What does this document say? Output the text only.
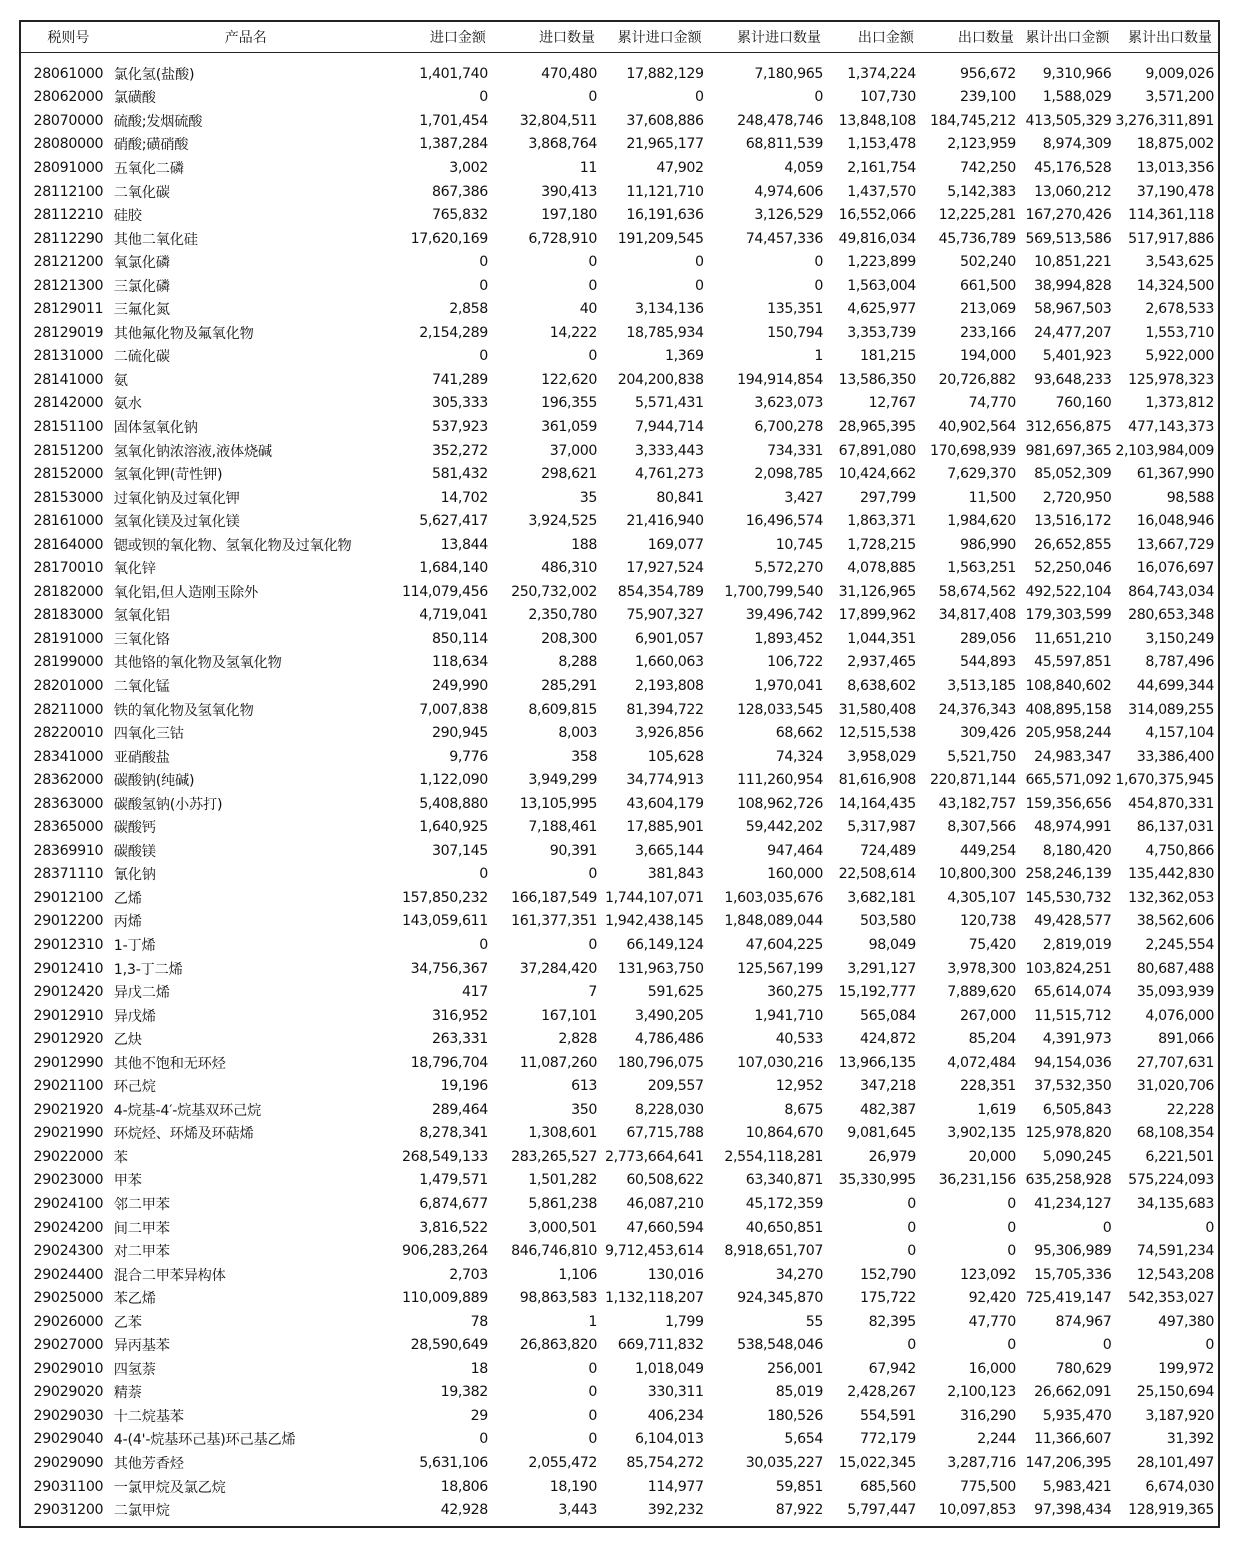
税则号	产品名	进口金额	进口数量	累计进口金额	累计进口数量	出口金额	出口数量	累计出口金额	累计出口数量

28061000	氯化氢(盐酸)	1,401,740	470,480	17,882,129	7,180,965	1,374,224	956,672	9,310,966	9,009,026
28062000	氯磺酸	0	0	0	0	107,730	239,100	1,588,029	3,571,200
28070000	硫酸;发烟硫酸	1,701,454	32,804,511	37,608,886	248,478,746	13,848,108	184,745,212	413,505,329	3,276,311,891
28080000	硝酸;磺硝酸	1,387,284	3,868,764	21,965,177	68,811,539	1,153,478	2,123,959	8,974,309	18,875,002
28091000	五氧化二磷	3,002	11	47,902	4,059	2,161,754	742,250	45,176,528	13,013,356
28112100	二氧化碳	867,386	390,413	11,121,710	4,974,606	1,437,570	5,142,383	13,060,212	37,190,478
28112210	硅胶	765,832	197,180	16,191,636	3,126,529	16,552,066	12,225,281	167,270,426	114,361,118
28112290	其他二氧化硅	17,620,169	6,728,910	191,209,545	74,457,336	49,816,034	45,736,789	569,513,586	517,917,886
28121200	氧氯化磷	0	0	0	0	1,223,899	502,240	10,851,221	3,543,625
28121300	三氯化磷	0	0	0	0	1,563,004	661,500	38,994,828	14,324,500
28129011	三氟化氮	2,858	40	3,134,136	135,351	4,625,977	213,069	58,967,503	2,678,533
28129019	其他氟化物及氟氧化物	2,154,289	14,222	18,785,934	150,794	3,353,739	233,166	24,477,207	1,553,710
28131000	二硫化碳	0	0	1,369	1	181,215	194,000	5,401,923	5,922,000
28141000	氨	741,289	122,620	204,200,838	194,914,854	13,586,350	20,726,882	93,648,233	125,978,323
28142000	氨水	305,333	196,355	5,571,431	3,623,073	12,767	74,770	760,160	1,373,812
28151100	固体氢氧化钠	537,923	361,059	7,944,714	6,700,278	28,965,395	40,902,564	312,656,875	477,143,373
28151200	氢氧化钠浓溶液,液体烧碱	352,272	37,000	3,333,443	734,331	67,891,080	170,698,939	981,697,365	2,103,984,009
28152000	氢氧化钾(苛性钾)	581,432	298,621	4,761,273	2,098,785	10,424,662	7,629,370	85,052,309	61,367,990
28153000	过氧化钠及过氧化钾	14,702	35	80,841	3,427	297,799	11,500	2,720,950	98,588
28161000	氢氧化镁及过氧化镁	5,627,417	3,924,525	21,416,940	16,496,574	1,863,371	1,984,620	13,516,172	16,048,946
28164000	锶或钡的氧化物、氢氧化物及过氧化物	13,844	188	169,077	10,745	1,728,215	986,990	26,652,855	13,667,729
28170010	氧化锌	1,684,140	486,310	17,927,524	5,572,270	4,078,885	1,563,251	52,250,046	16,076,697
28182000	氧化铝,但人造刚玉除外	114,079,456	250,732,002	854,354,789	1,700,799,540	31,126,965	58,674,562	492,522,104	864,743,034
28183000	氢氧化铝	4,719,041	2,350,780	75,907,327	39,496,742	17,899,962	34,817,408	179,303,599	280,653,348
28191000	三氧化铬	850,114	208,300	6,901,057	1,893,452	1,044,351	289,056	11,651,210	3,150,249
28199000	其他铬的氧化物及氢氧化物	118,634	8,288	1,660,063	106,722	2,937,465	544,893	45,597,851	8,787,496
28201000	二氧化锰	249,990	285,291	2,193,808	1,970,041	8,638,602	3,513,185	108,840,602	44,699,344
28211000	铁的氧化物及氢氧化物	7,007,838	8,609,815	81,394,722	128,033,545	31,580,408	24,376,343	408,895,158	314,089,255
28220010	四氧化三钴	290,945	8,003	3,926,856	68,662	12,515,538	309,426	205,958,244	4,157,104
28341000	亚硝酸盐	9,776	358	105,628	74,324	3,958,029	5,521,750	24,983,347	33,386,400
28362000	碳酸钠(纯碱)	1,122,090	3,949,299	34,774,913	111,260,954	81,616,908	220,871,144	665,571,092	1,670,375,945
28363000	碳酸氢钠(小苏打)	5,408,880	13,105,995	43,604,179	108,962,726	14,164,435	43,182,757	159,356,656	454,870,331
28365000	碳酸钙	1,640,925	7,188,461	17,885,901	59,442,202	5,317,987	8,307,566	48,974,991	86,137,031
28369910	碳酸镁	307,145	90,391	3,665,144	947,464	724,489	449,254	8,180,420	4,750,866
28371110	氰化钠	0	0	381,843	160,000	22,508,614	10,800,300	258,246,139	135,442,830
29012100	乙烯	157,850,232	166,187,549	1,744,107,071	1,603,035,676	3,682,181	4,305,107	145,530,732	132,362,053
29012200	丙烯	143,059,611	161,377,351	1,942,438,145	1,848,089,044	503,580	120,738	49,428,577	38,562,606
29012310	1-丁烯	0	0	66,149,124	47,604,225	98,049	75,420	2,819,019	2,245,554
29012410	1,3-丁二烯	34,756,367	37,284,420	131,963,750	125,567,199	3,291,127	3,978,300	103,824,251	80,687,488
29012420	异戊二烯	417	7	591,625	360,275	15,192,777	7,889,620	65,614,074	35,093,939
29012910	异戊烯	316,952	167,101	3,490,205	1,941,710	565,084	267,000	11,515,712	4,076,000
29012920	乙炔	263,331	2,828	4,786,486	40,533	424,872	85,204	4,391,973	891,066
29012990	其他不饱和无环烃	18,796,704	11,087,260	180,796,075	107,030,216	13,966,135	4,072,484	94,154,036	27,707,631
29021100	环己烷	19,196	613	209,557	12,952	347,218	228,351	37,532,350	31,020,706
29021920	4-烷基-4′-烷基双环己烷	289,464	350	8,228,030	8,675	482,387	1,619	6,505,843	22,228
29021990	环烷烃、环烯及环萜烯	8,278,341	1,308,601	67,715,788	10,864,670	9,081,645	3,902,135	125,978,820	68,108,354
29022000	苯	268,549,133	283,265,527	2,773,664,641	2,554,118,281	26,979	20,000	5,090,245	6,221,501
29023000	甲苯	1,479,571	1,501,282	60,508,622	63,340,871	35,330,995	36,231,156	635,258,928	575,224,093
29024100	邻二甲苯	6,874,677	5,861,238	46,087,210	45,172,359	0	0	41,234,127	34,135,683
29024200	间二甲苯	3,816,522	3,000,501	47,660,594	40,650,851	0	0	0	0
29024300	对二甲苯	906,283,264	846,746,810	9,712,453,614	8,918,651,707	0	0	95,306,989	74,591,234
29024400	混合二甲苯异构体	2,703	1,106	130,016	34,270	152,790	123,092	15,705,336	12,543,208
29025000	苯乙烯	110,009,889	98,863,583	1,132,118,207	924,345,870	175,722	92,420	725,419,147	542,353,027
29026000	乙苯	78	1	1,799	55	82,395	47,770	874,967	497,380
29027000	异丙基苯	28,590,649	26,863,820	669,711,832	538,548,046	0	0	0	0
29029010	四氢萘	18	0	1,018,049	256,001	67,942	16,000	780,629	199,972
29029020	精萘	19,382	0	330,311	85,019	2,428,267	2,100,123	26,662,091	25,150,694
29029030	十二烷基苯	29	0	406,234	180,526	554,591	316,290	5,935,470	3,187,920
29029040	4-(4'-烷基环己基)环己基乙烯	0	0	6,104,013	5,654	772,179	2,244	11,366,607	31,392
29029090	其他芳香烃	5,631,106	2,055,472	85,754,272	30,035,227	15,022,345	3,287,716	147,206,395	28,101,497
29031100	一氯甲烷及氯乙烷	18,806	18,190	114,977	59,851	685,560	775,500	5,983,421	6,674,030
29031200	二氯甲烷	42,928	3,443	392,232	87,922	5,797,447	10,097,853	97,398,434	128,919,365
